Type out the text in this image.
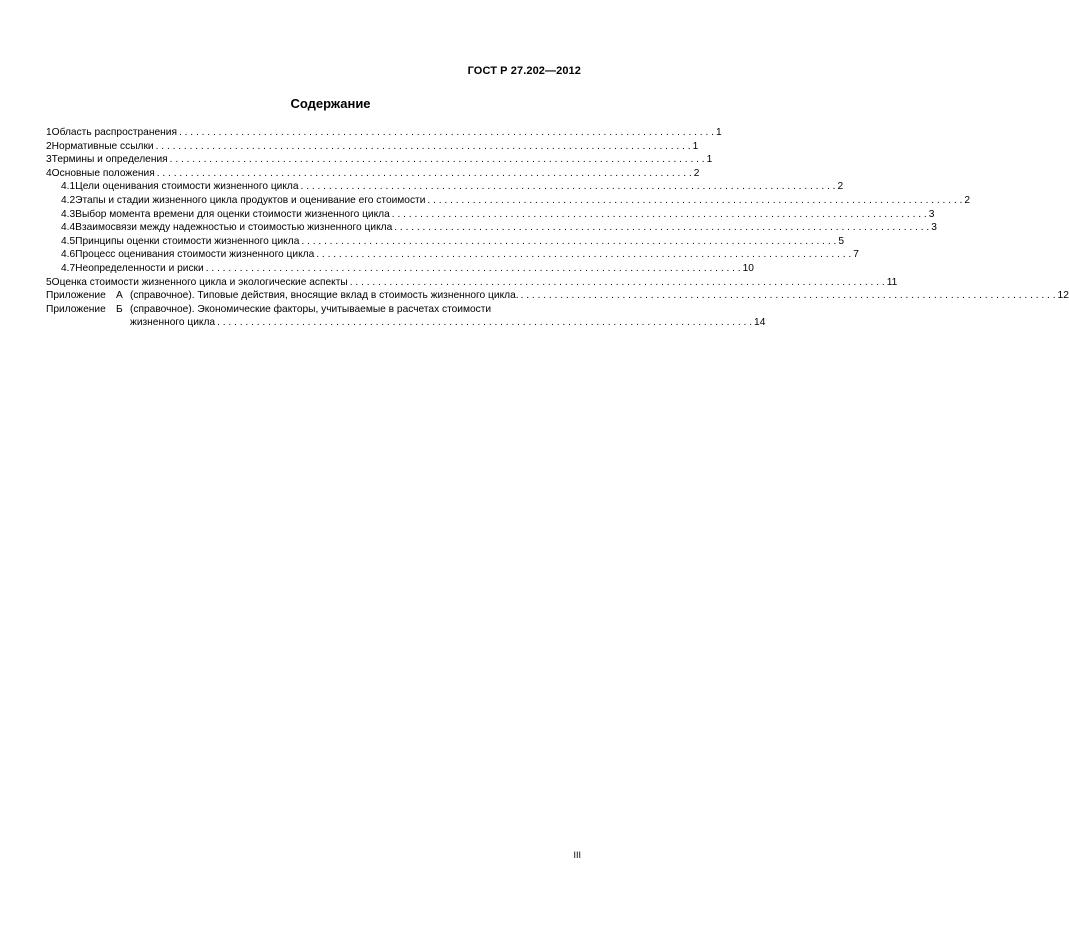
ГОСТ Р 27.202—2012
Содержание
1 Область распространения . . .	1
2 Нормативные ссылки . . .	1
3 Термины и определения . . .	1
4 Основные положения . . .	2
4.1 Цели оценивания стоимости жизненного цикла . . .	2
4.2 Этапы и стадии жизненного цикла продуктов и оценивание его стоимости . . .	2
4.3 Выбор момента времени для оценки стоимости жизненного цикла . . .	3
4.4 Взаимосвязи между надежностью и стоимостью жизненного цикла . . .	3
4.5 Принципы оценки стоимости жизненного цикла . . .	5
4.6 Процесс оценивания стоимости жизненного цикла . . .	7
4.7 Неопределенности и риски . . .	10
5 Оценка стоимости жизненного цикла и экологические аспекты . . .	11
Приложение	А (справочное). Типовые действия, вносящие вклад в стоимость жизненного цикла. . . .	12
Приложение	Б (справочное). Экономические факторы, учитываемые в расчетах стоимости
жизненного цикла . . .	14
III
